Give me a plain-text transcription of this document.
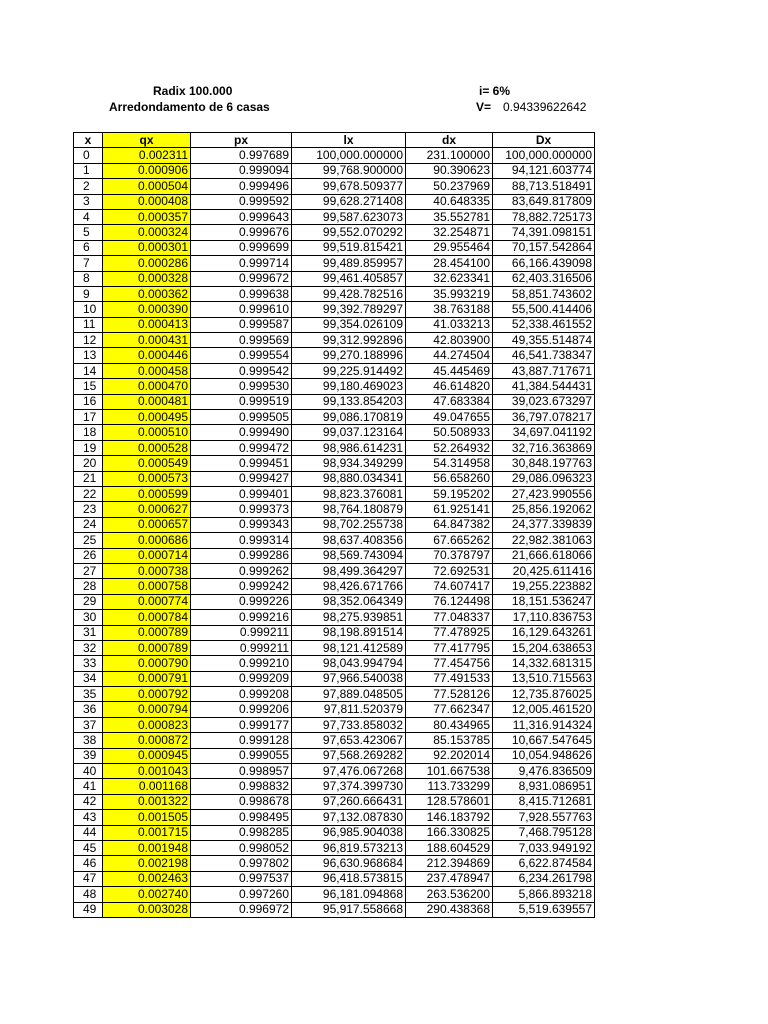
Radix 100.000
Arredondamento de 6 casas
i= 6%
V= 0.94339622642
x	qx	px	lx	dx	Dx
0	0.002311	0.997689	100,000.000000	231.100000	100,000.000000
1	0.000906	0.999094	99,768.900000	90.390623	94,121.603774
2	0.000504	0.999496	99,678.509377	50.237969	88,713.518491
3	0.000408	0.999592	99,628.271408	40.648335	83,649.817809
4	0.000357	0.999643	99,587.623073	35.552781	78,882.725173
5	0.000324	0.999676	99,552.070292	32.254871	74,391.098151
6	0.000301	0.999699	99,519.815421	29.955464	70,157.542864
7	0.000286	0.999714	99,489.859957	28.454100	66,166.439098
8	0.000328	0.999672	99,461.405857	32.623341	62,403.316506
9	0.000362	0.999638	99,428.782516	35.993219	58,851.743602
10	0.000390	0.999610	99,392.789297	38.763188	55,500.414406
11	0.000413	0.999587	99,354.026109	41.033213	52,338.461552
12	0.000431	0.999569	99,312.992896	42.803900	49,355.514874
13	0.000446	0.999554	99,270.188996	44.274504	46,541.738347
14	0.000458	0.999542	99,225.914492	45.445469	43,887.717671
15	0.000470	0.999530	99,180.469023	46.614820	41,384.544431
16	0.000481	0.999519	99,133.854203	47.683384	39,023.673297
17	0.000495	0.999505	99,086.170819	49.047655	36,797.078217
18	0.000510	0.999490	99,037.123164	50.508933	34,697.041192
19	0.000528	0.999472	98,986.614231	52.264932	32,716.363869
20	0.000549	0.999451	98,934.349299	54.314958	30,848.197763
21	0.000573	0.999427	98,880.034341	56.658260	29,086.096323
22	0.000599	0.999401	98,823.376081	59.195202	27,423.990556
23	0.000627	0.999373	98,764.180879	61.925141	25,856.192062
24	0.000657	0.999343	98,702.255738	64.847382	24,377.339839
25	0.000686	0.999314	98,637.408356	67.665262	22,982.381063
26	0.000714	0.999286	98,569.743094	70.378797	21,666.618066
27	0.000738	0.999262	98,499.364297	72.692531	20,425.611416
28	0.000758	0.999242	98,426.671766	74.607417	19,255.223882
29	0.000774	0.999226	98,352.064349	76.124498	18,151.536247
30	0.000784	0.999216	98,275.939851	77.048337	17,110.836753
31	0.000789	0.999211	98,198.891514	77.478925	16,129.643261
32	0.000789	0.999211	98,121.412589	77.417795	15,204.638653
33	0.000790	0.999210	98,043.994794	77.454756	14,332.681315
34	0.000791	0.999209	97,966.540038	77.491533	13,510.715563
35	0.000792	0.999208	97,889.048505	77.528126	12,735.876025
36	0.000794	0.999206	97,811.520379	77.662347	12,005.461520
37	0.000823	0.999177	97,733.858032	80.434965	11,316.914324
38	0.000872	0.999128	97,653.423067	85.153785	10,667.547645
39	0.000945	0.999055	97,568.269282	92.202014	10,054.948626
40	0.001043	0.998957	97,476.067268	101.667538	9,476.836509
41	0.001168	0.998832	97,374.399730	113.733299	8,931.086951
42	0.001322	0.998678	97,260.666431	128.578601	8,415.712681
43	0.001505	0.998495	97,132.087830	146.183792	7,928.557763
44	0.001715	0.998285	96,985.904038	166.330825	7,468.795128
45	0.001948	0.998052	96,819.573213	188.604529	7,033.949192
46	0.002198	0.997802	96,630.968684	212.394869	6,622.874584
47	0.002463	0.997537	96,418.573815	237.478947	6,234.261798
48	0.002740	0.997260	96,181.094868	263.536200	5,866.893218
49	0.003028	0.996972	95,917.558668	290.438368	5,519.639557
